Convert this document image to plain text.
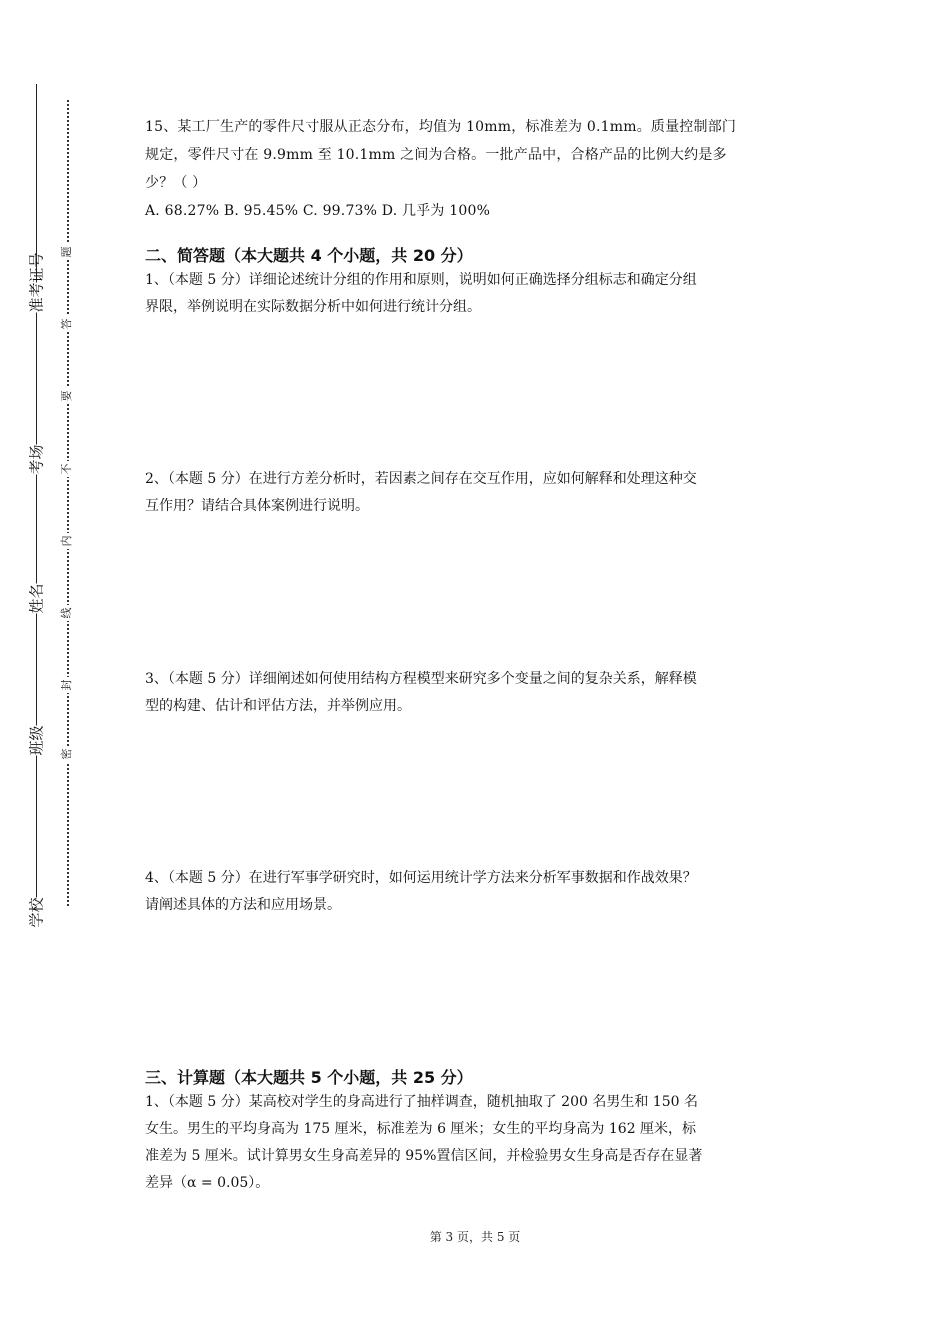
准考证号
考场
姓名
班级
学校
题
答
要
不
内
线
封
密

15、某工厂生产的零件尺寸服从正态分布，均值为 10mm，标准差为 0.1mm。质量控制部门

规定，零件尺寸在 9.9mm 至 10.1mm 之间为合格。一批产品中，合格产品的比例大约是多

少？（ ）

A. 68.27% B. 95.45% C. 99.73% D. 几乎为 100%

二、简答题（本大题共 4 个小题，共 20 分）

1、（本题 5 分）详细论述统计分组的作用和原则，说明如何正确选择分组标志和确定分组

界限，举例说明在实际数据分析中如何进行统计分组。

2、（本题 5 分）在进行方差分析时，若因素之间存在交互作用，应如何解释和处理这种交

互作用？请结合具体案例进行说明。

3、（本题 5 分）详细阐述如何使用结构方程模型来研究多个变量之间的复杂关系，解释模

型的构建、估计和评估方法，并举例应用。

4、（本题 5 分）在进行军事学研究时，如何运用统计学方法来分析军事数据和作战效果？

请阐述具体的方法和应用场景。

三、计算题（本大题共 5 个小题，共 25 分）

1、（本题 5 分）某高校对学生的身高进行了抽样调查，随机抽取了 200 名男生和 150 名

女生。男生的平均身高为 175 厘米，标准差为 6 厘米；女生的平均身高为 162 厘米，标

准差为 5 厘米。试计算男女生身高差异的 95%置信区间，并检验男女生身高是否存在显著

差异（α = 0.05）。

第 3 页，共 5 页
